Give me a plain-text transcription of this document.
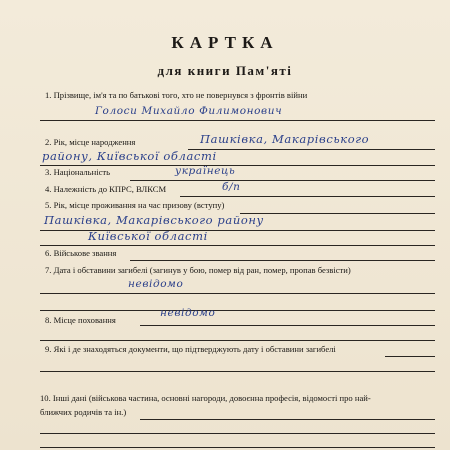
КАРТКА
для книги Пам'яті
1. Прізвище, ім'я та по батькові того, хто не повернувся з фронтів війни
Голоси Михайло Филимонович
2. Рік, місце народження	Пашківка, Макарівського
району, Київської області
3. Національність	українець
4. Належність до КПРС, ВЛКСМ	б/п
5. Рік, місце проживання на час призову (вступу)
Пашківка, Макарівського району
Київської області
6. Військове звання
7. Дата і обставини загибелі (загинув у бою, помер від ран, помер, пропав безвісти)
невідомо
8. Місце поховання
невідомо
9. Які і де знаходяться документи, що підтверджують дату і обставини загибелі
10. Інші дані (військова частина, основні нагороди, довоєнна професія, відомості про най-
ближчих родичів та ін.)
